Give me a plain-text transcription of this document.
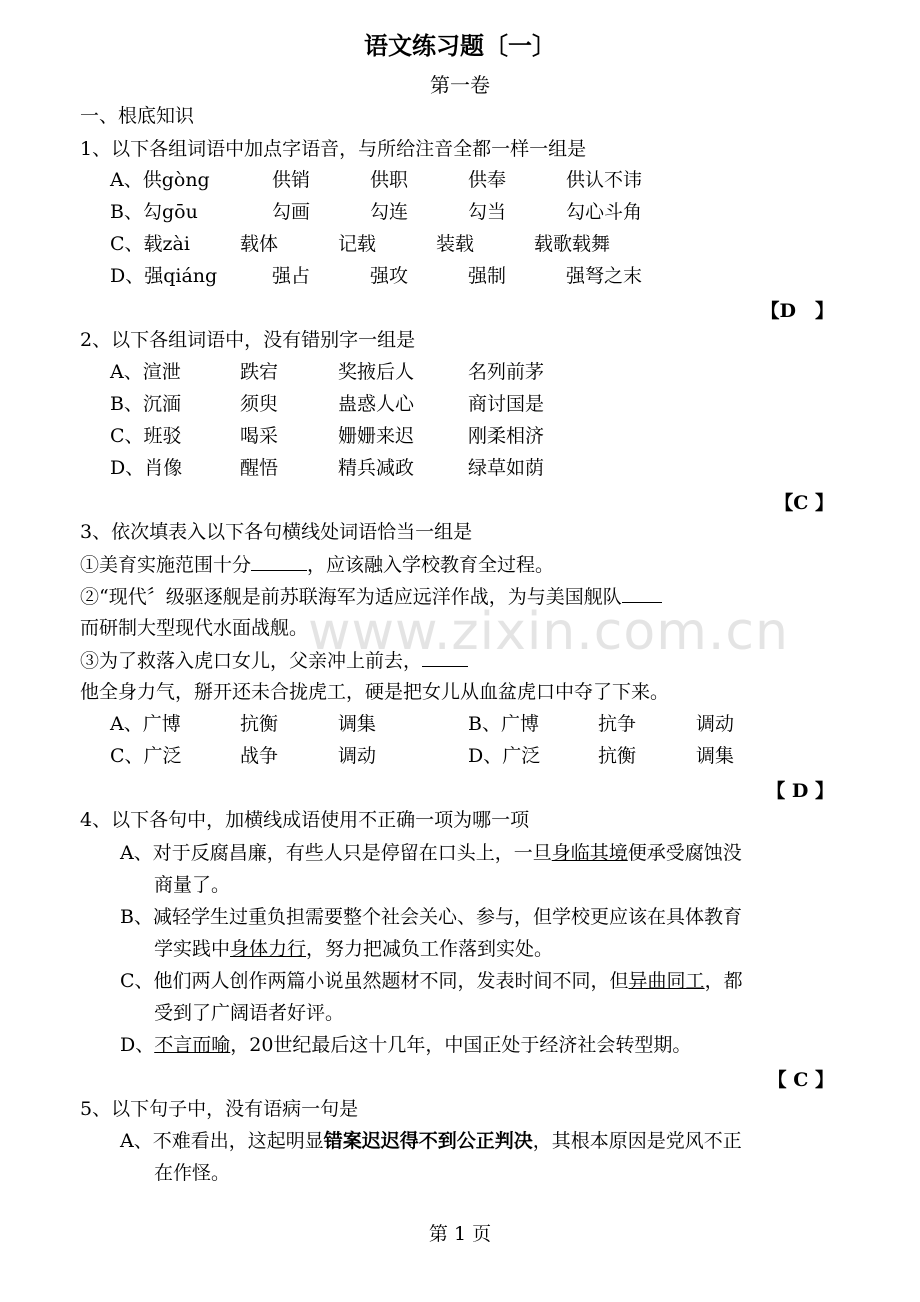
www.zixin.com.cn
语文练习题〔一〕
第一卷
一、根底知识
1、以下各组词语中加点字语音，与所给注音全都一样一组是
A、供gòng	供销	供职	供奉	供认不讳
B、勾gōu	勾画	勾连	勾当	勾心斗角
C、载zài	载体	记载	装载	载歌载舞
D、强qiáng	强占	强攻	强制	强弩之末
【D　】
2、以下各组词语中，没有错别字一组是
A、渲泄	跌宕	奖掖后人	名列前茅
B、沉湎	须臾	蛊惑人心	商讨国是
C、班驳	喝采	姗姗来迟	刚柔相济
D、肖像	醒悟	精兵减政	绿草如荫
【C 】
3、依次填表入以下各句横线处词语恰当一组是
①美育实施范围十分	，应该融入学校教育全过程。
②“现代〞级驱逐舰是前苏联海军为适应远洋作战，为与美国舰队
而研制大型现代水面战舰。
③为了救落入虎口女儿，父亲冲上前去，
他全身力气，掰开还未合拢虎工，硬是把女儿从血盆虎口中夺了下来。
A、广博	抗衡	调集	B、广博	抗争	调动
C、广泛	战争	调动	D、广泛	抗衡	调集
【 D 】
4、以下各句中，加横线成语使用不正确一项为哪一项
A、对于反腐昌廉，有些人只是停留在口头上，一旦身临其境便承受腐蚀没
商量了。
B、减轻学生过重负担需要整个社会关心、参与，但学校更应该在具体教育
学实践中身体力行，努力把减负工作落到实处。
C、他们两人创作两篇小说虽然题材不同，发表时间不同，但异曲同工，都
受到了广阔语者好评。
D、不言而喻，20世纪最后这十几年，中国正处于经济社会转型期。
【 C 】
5、以下句子中，没有语病一句是
A、不难看出，这起明显错案迟迟得不到公正判决，其根本原因是党风不正
在作怪。
第 1 页
